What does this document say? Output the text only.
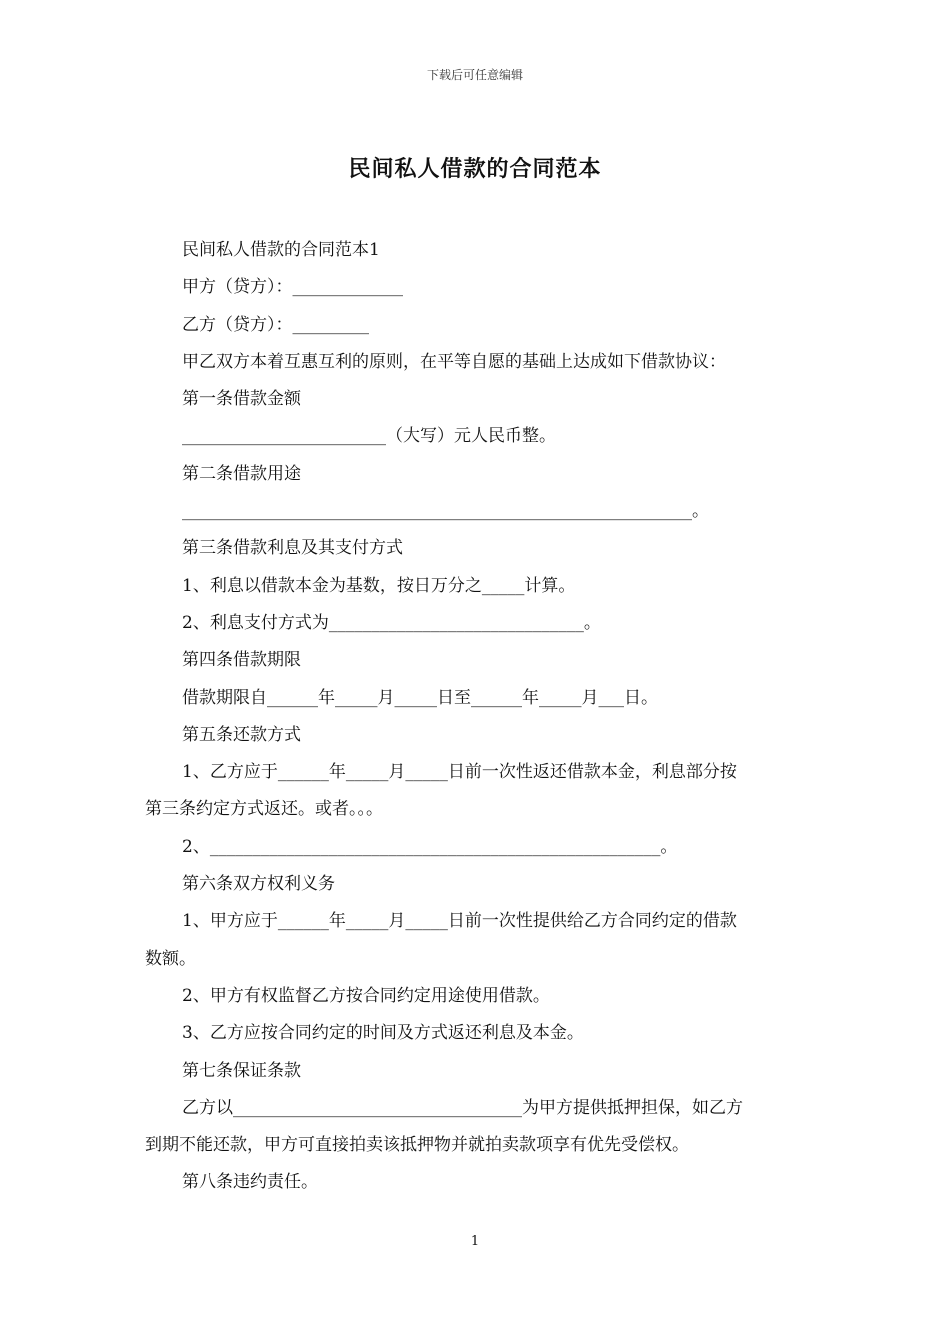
下载后可任意编辑
民间私人借款的合同范本
民间私人借款的合同范本1
甲方（贷方）：_____________
乙方（贷方）：_________
甲乙双方本着互惠互利的原则，在平等自愿的基础上达成如下借款协议：
第一条借款金额
________________________（大写）元人民币整。
第二条借款用途
____________________________________________________________。
第三条借款利息及其支付方式
1、利息以借款本金为基数，按日万分之_____计算。
2、利息支付方式为______________________________。
第四条借款期限
借款期限自______年_____月_____日至______年_____月___日。
第五条还款方式
1、乙方应于______年_____月_____日前一次性返还借款本金，利息部分按
第三条约定方式返还。或者。。。
2、_____________________________________________________。
第六条双方权利义务
1、甲方应于______年_____月_____日前一次性提供给乙方合同约定的借款
数额。
2、甲方有权监督乙方按合同约定用途使用借款。
3、乙方应按合同约定的时间及方式返还利息及本金。
第七条保证条款
乙方以__________________________________为甲方提供抵押担保，如乙方
到期不能还款，甲方可直接拍卖该抵押物并就拍卖款项享有优先受偿权。
第八条违约责任。
1
